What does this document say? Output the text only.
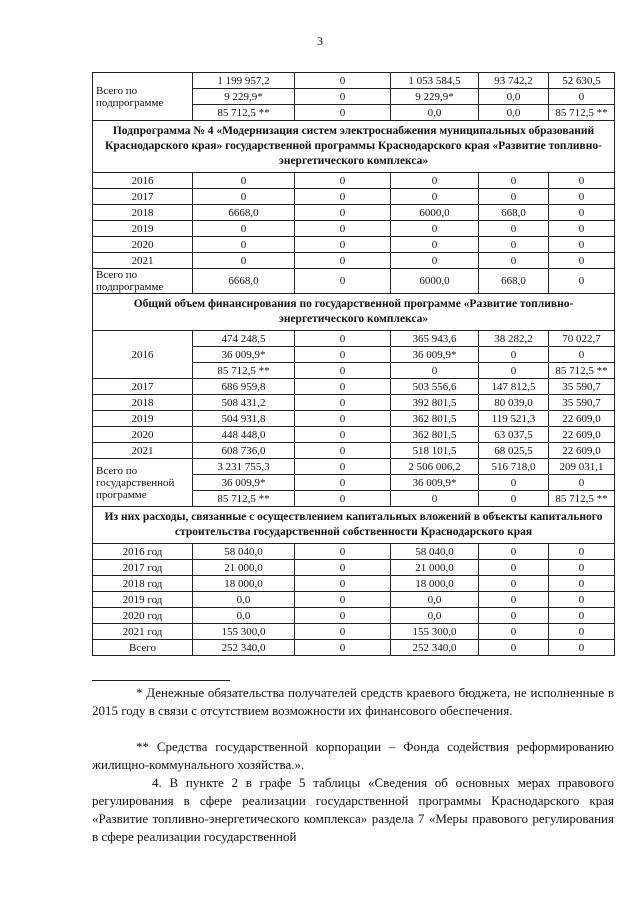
3
Всего по подпрограмме	1 199 957,2	0	1 053 584,5	93 742,2	52 630,5
	9 229,9*	0	9 229,9*	0,0	0
	85 712,5 **	0	0,0	0,0	85 712,5 **
Подпрограмма № 4 «Модернизация систем электроснабжения муниципальных образований Краснодарского края» государственной программы Краснодарского края «Развитие топливно-энергетического комплекса»					
2016	0	0	0	0	0
2017	0	0	0	0	0
2018	6668,0	0	6000,0	668,0	0
2019	0	0	0	0	0
2020	0	0	0	0	0
2021	0	0	0	0	0
Всего по подпрограмме	6668,0	0	6000,0	668,0	0
Общий объем финансирования по государственной программе «Развитие топливно-энергетического комплекса»					
2016	474 248,5	0	365 943,6	38 282,2	70 022,7
	36 009,9*	0	36 009,9*	0	0
	85 712,5 **	0	0	0	85 712,5 **
2017	686 959,8	0	503 556,6	147 812,5	35 590,7
2018	508 431,2	0	392 801,5	80 039,0	35 590,7
2019	504 931,8	0	362 801,5	119 521,3	22 609,0
2020	448 448,0	0	362 801,5	63 037,5	22 609,0
2021	608 736,0	0	518 101,5	68 025,5	22 609,0
Всего по государственной программе	3 231 755,3	0	2 506 006,2	516 718,0	209 031,1
	36 009,9*	0	36 009,9*	0	0
	85 712,5 **	0	0	0	85 712,5 **
Из них расходы, связанные с осуществлением капитальных вложений в объекты капитального строительства государственной собственности Краснодарского края					
2016 год	58 040,0	0	58 040,0	0	0
2017 год	21 000,0	0	21 000,0	0	0
2018 год	18 000,0	0	18 000,0	0	0
2019 год	0,0	0	0,0	0	0
2020 год	0,0	0	0,0	0	0
2021 год	155 300,0	0	155 300,0	0	0
Всего	252 340,0	0	252 340,0	0	0
* Денежные обязательства получателей средств краевого бюджета, не исполненные в 2015 году в связи с отсутствием возможности их финансового обеспечения.
** Средства государственной корпорации – Фонда содействия реформированию жилищно-коммунального хозяйства.».
4. В пункте 2 в графе 5 таблицы «Сведения об основных мерах правового регулирования в сфере реализации государственной программы Краснодарского края «Развитие топливно-энергетического комплекса» раздела 7 «Меры правового регулирования в сфере реализации государственной
